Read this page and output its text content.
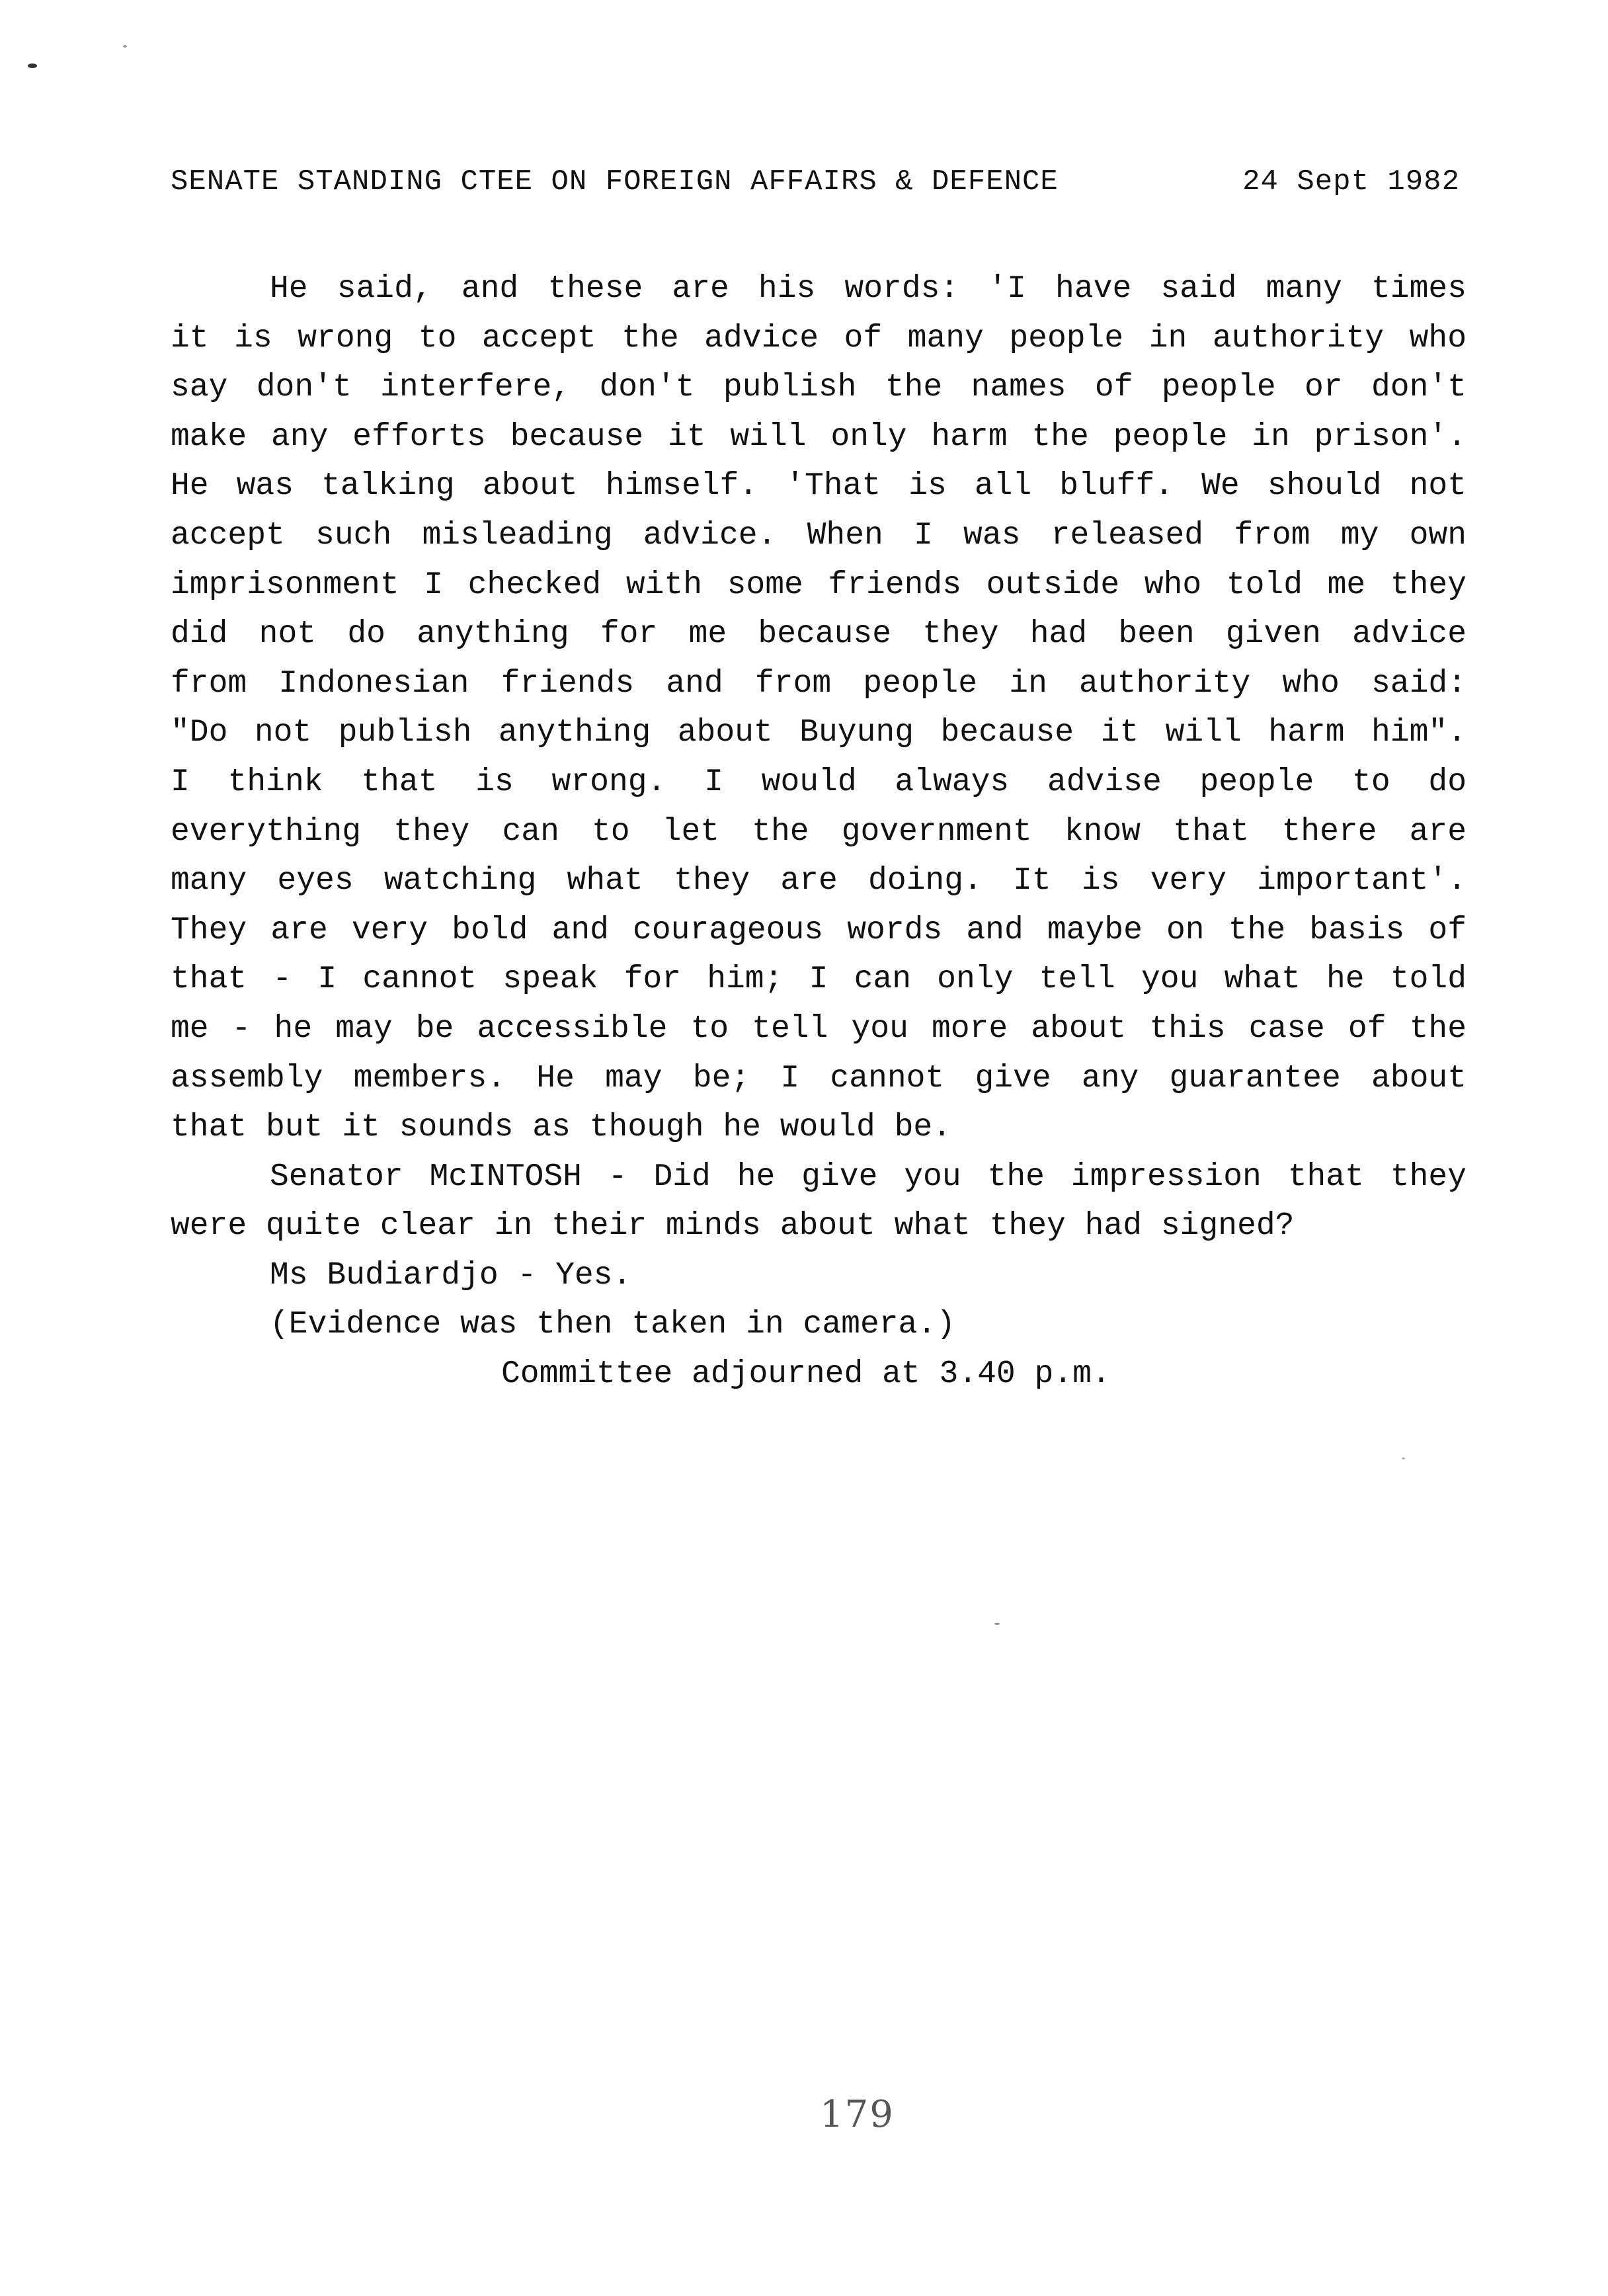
SENATE STANDING CTEE ON FOREIGN AFFAIRS & DEFENCE

	24 Sept 1982

He said, and these are his words: 'I have said many times
it is wrong to accept the advice of many people in authority who
say don't interfere, don't publish the names of people or don't
make any efforts because it will only harm the people in prison'.
He was talking about himself. 'That is all bluff. We should not
accept such misleading advice. When I was released from my own
imprisonment I checked with some friends outside who told me they
did not do anything for me because they had been given advice
from Indonesian friends and from people in authority who said:
"Do not publish anything about Buyung because it will harm him".
I think that is wrong. I would always advise people to do
everything they can to let the government know that there are
many eyes watching what they are doing. It is very important'.
They are very bold and courageous words and maybe on the basis of
that - I cannot speak for him; I can only tell you what he told
me - he may be accessible to tell you more about this case of the
assembly members. He may be; I cannot give any guarantee about
that but it sounds as though he would be.
Senator McINTOSH - Did he give you the impression that they
were quite clear in their minds about what they had signed?
Ms Budiardjo - Yes.
(Evidence was then taken in camera.)
Committee adjourned at 3.40 p.m.
179
